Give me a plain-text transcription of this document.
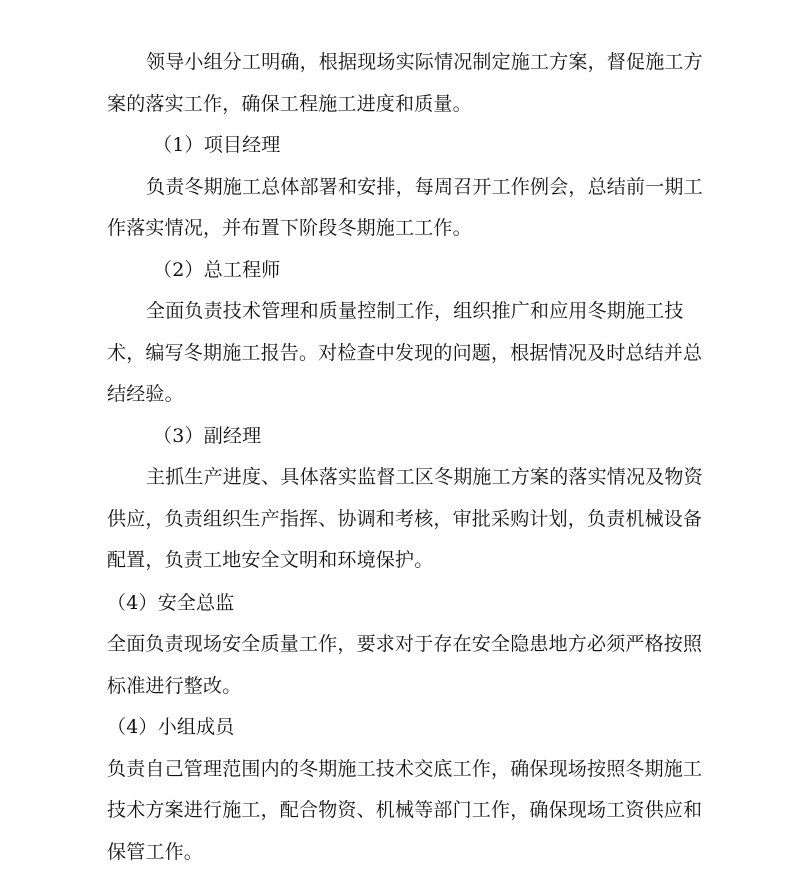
领导小组分工明确，根据现场实际情况制定施工方案，督促施工方
案的落实工作，确保工程施工进度和质量。
（1）项目经理
负责冬期施工总体部署和安排，每周召开工作例会，总结前一期工
作落实情况，并布置下阶段冬期施工工作。
（2）总工程师
全面负责技术管理和质量控制工作，组织推广和应用冬期施工技
术，编写冬期施工报告。对检查中发现的问题，根据情况及时总结并总
结经验。
（3）副经理
主抓生产进度、具体落实监督工区冬期施工方案的落实情况及物资
供应，负责组织生产指挥、协调和考核，审批采购计划，负责机械设备
配置，负责工地安全文明和环境保护。
（4）安全总监
全面负责现场安全质量工作，要求对于存在安全隐患地方必须严格按照
标准进行整改。
（4）小组成员
负责自己管理范围内的冬期施工技术交底工作，确保现场按照冬期施工
技术方案进行施工，配合物资、机械等部门工作，确保现场工资供应和
保管工作。
